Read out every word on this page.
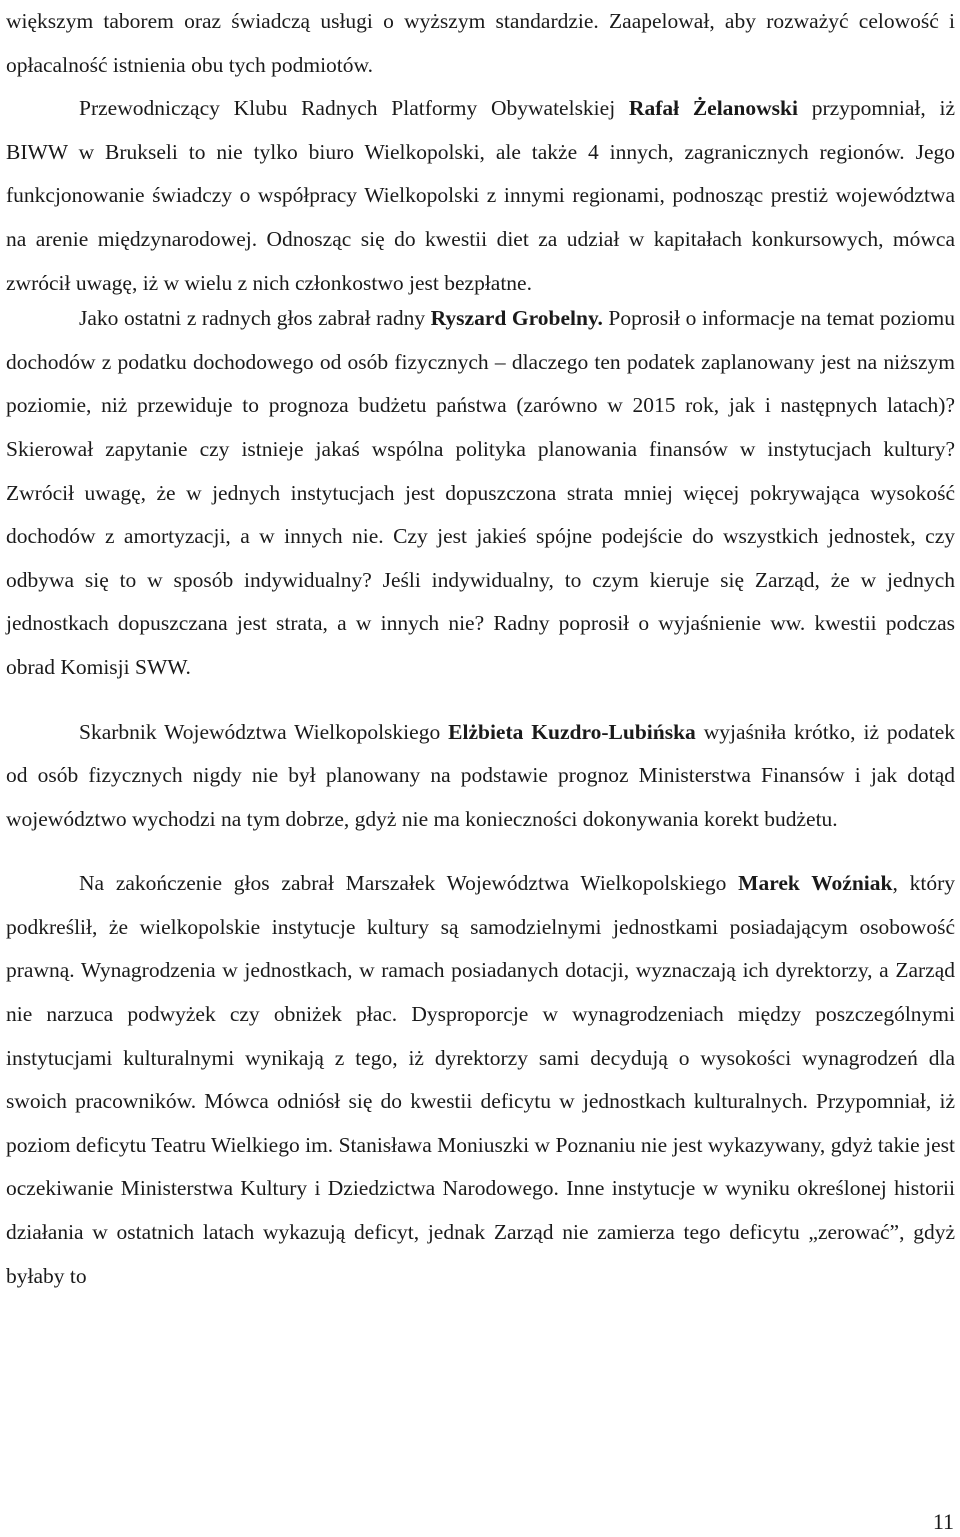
większym taborem oraz świadczą usługi o wyższym standardzie. Zaapelował, aby rozważyć celowość i opłacalność istnienia obu tych podmiotów.

Przewodniczący Klubu Radnych Platformy Obywatelskiej Rafał Żelanowski przypomniał, iż BIWW w Brukseli to nie tylko biuro Wielkopolski, ale także 4 innych, zagranicznych regionów. Jego funkcjonowanie świadczy o współpracy Wielkopolski z innymi regionami, podnosząc prestiż województwa na arenie międzynarodowej. Odnosząc się do kwestii diet za udział w kapitałach konkursowych, mówca zwrócił uwagę, iż w wielu z nich członkostwo jest bezpłatne.

Jako ostatni z radnych głos zabrał radny Ryszard Grobelny. Poprosił o informacje na temat poziomu dochodów z podatku dochodowego od osób fizycznych – dlaczego ten podatek zaplanowany jest na niższym poziomie, niż przewiduje to prognoza budżetu państwa (zarówno w 2015 rok, jak i następnych latach)? Skierował zapytanie czy istnieje jakaś wspólna polityka planowania finansów w instytucjach kultury? Zwrócił uwagę, że w jednych instytucjach jest dopuszczona strata mniej więcej pokrywająca wysokość dochodów z amortyzacji, a w innych nie. Czy jest jakieś spójne podejście do wszystkich jednostek, czy odbywa się to w sposób indywidualny? Jeśli indywidualny, to czym kieruje się Zarząd, że w jednych jednostkach dopuszczana jest strata, a w innych nie? Radny poprosił o wyjaśnienie ww. kwestii podczas obrad Komisji SWW.

Skarbnik Województwa Wielkopolskiego Elżbieta Kuzdro-Lubińska wyjaśniła krótko, iż podatek od osób fizycznych nigdy nie był planowany na podstawie prognoz Ministerstwa Finansów i jak dotąd województwo wychodzi na tym dobrze, gdyż nie ma konieczności dokonywania korekt budżetu.

Na zakończenie głos zabrał Marszałek Województwa Wielkopolskiego Marek Woźniak, który podkreślił, że wielkopolskie instytucje kultury są samodzielnymi jednostkami posiadającym osobowość prawną. Wynagrodzenia w jednostkach, w ramach posiadanych dotacji, wyznaczają ich dyrektorzy, a Zarząd nie narzuca podwyżek czy obniżek płac. Dysproporcje w wynagrodzeniach między poszczególnymi instytucjami kulturalnymi wynikają z tego, iż dyrektorzy sami decydują o wysokości wynagrodzeń dla swoich pracowników. Mówca odniósł się do kwestii deficytu w jednostkach kulturalnych. Przypomniał, iż poziom deficytu Teatru Wielkiego im. Stanisława Moniuszki w Poznaniu nie jest wykazywany, gdyż takie jest oczekiwanie Ministerstwa Kultury i Dziedzictwa Narodowego. Inne instytucje w wyniku określonej historii działania w ostatnich latach wykazują deficyt, jednak Zarząd nie zamierza tego deficytu „zerować”, gdyż byłaby to

11
